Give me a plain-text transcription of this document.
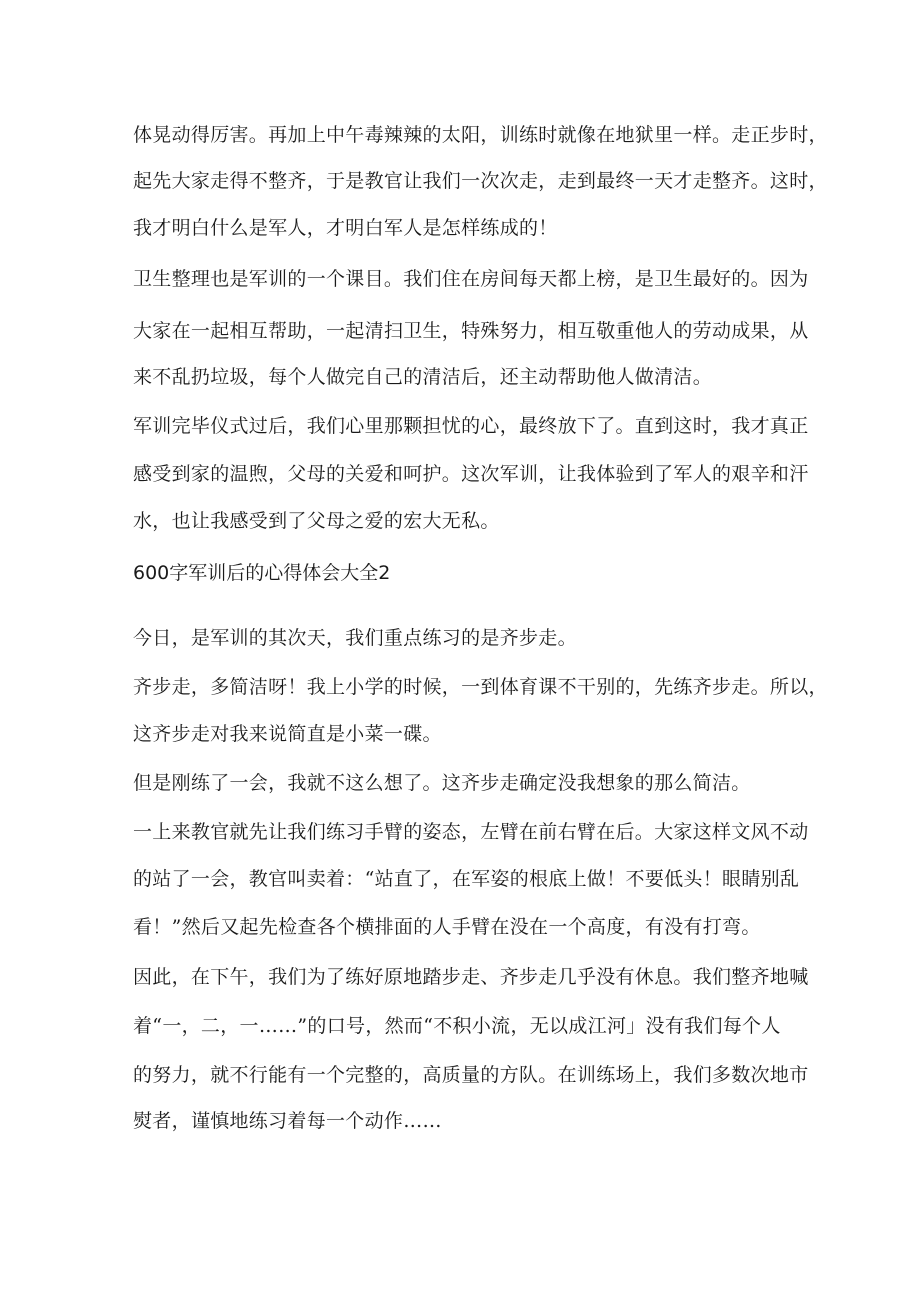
体晃动得厉害。再加上中午毒辣辣的太阳，训练时就像在地狱里一样。走正步时，
起先大家走得不整齐，于是教官让我们一次次走，走到最终一天才走整齐。这时，
我才明白什么是军人，才明白军人是怎样练成的！
卫生整理也是军训的一个课目。我们住在房间每天都上榜，是卫生最好的。因为
大家在一起相互帮助，一起清扫卫生，特殊努力，相互敬重他人的劳动成果，从
来不乱扔垃圾，每个人做完自己的清洁后，还主动帮助他人做清洁。
军训完毕仪式过后，我们心里那颗担忧的心，最终放下了。直到这时，我才真正
感受到家的温煦，父母的关爱和呵护。这次军训，让我体验到了军人的艰辛和汗
水，也让我感受到了父母之爱的宏大无私。
600字军训后的心得体会大全2
今日，是军训的其次天，我们重点练习的是齐步走。
齐步走，多简洁呀！我上小学的时候，一到体育课不干别的，先练齐步走。所以，
这齐步走对我来说简直是小菜一碟。
但是刚练了一会，我就不这么想了。这齐步走确定没我想象的那么简洁。
一上来教官就先让我们练习手臂的姿态，左臂在前右臂在后。大家这样文风不动
的站了一会，教官叫卖着：“站直了，在军姿的根底上做！不要低头！眼睛别乱
看！”然后又起先检查各个横排面的人手臂在没在一个高度，有没有打弯。
因此，在下午，我们为了练好原地踏步走、齐步走几乎没有休息。我们整齐地喊
着“一，二，一……”的口号，然而“不积小流，无以成江河」没有我们每个人
的努力，就不行能有一个完整的，高质量的方队。在训练场上，我们多数次地市
熨者，谨慎地练习着每一个动作……
